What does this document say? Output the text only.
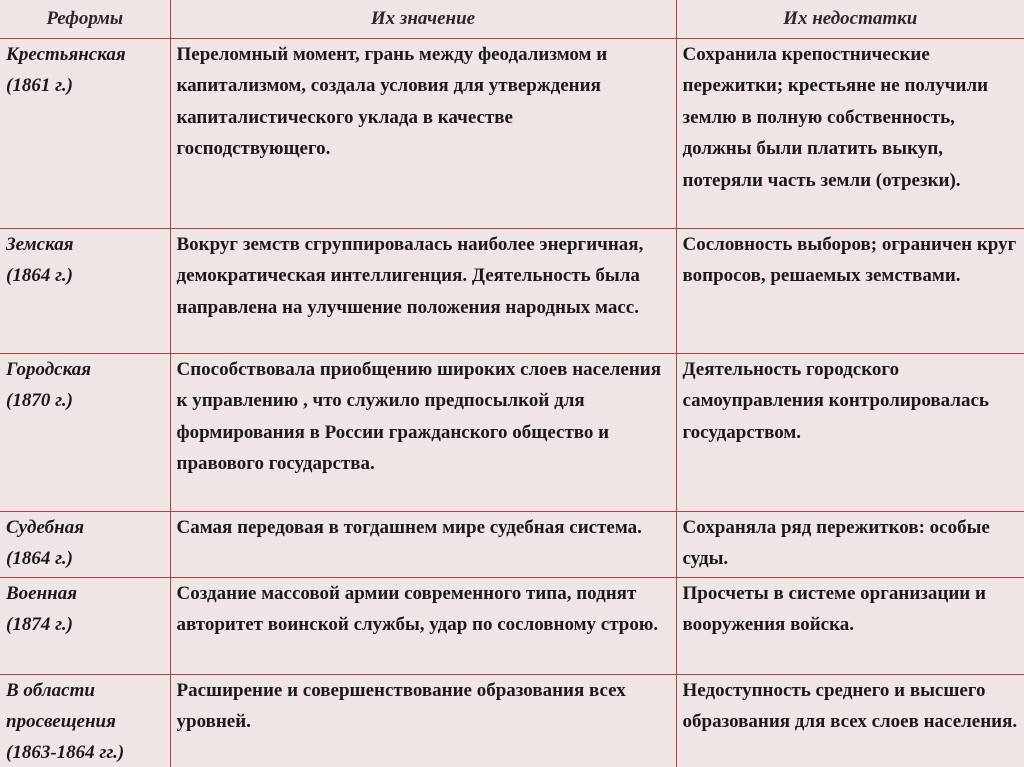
Реформы	Их значение	Их недостатки
Крестьянская
(1861 г.)	Переломный момент, грань между феодализмом и капитализмом, создала условия для утверждения капиталистического уклада в качестве господствующего.	Сохранила крепостнические пережитки; крестьяне не получили землю в полную собственность, должны были платить выкуп, потеряли часть земли (отрезки).
Земская
(1864 г.)	Вокруг земств сгруппировалась наиболее энергичная, демократическая интеллигенция. Деятельность была направлена на улучшение положения народных масс.	Сословность выборов; ограничен круг вопросов, решаемых земствами.
Городская
(1870 г.)	Способствовала приобщению широких слоев населения к управлению , что служило предпосылкой для формирования в России гражданского общество и правового государства.	Деятельность городского самоуправления контролировалась государством.
Судебная
(1864 г.)	Самая передовая в тогдашнем мире судебная система.	Сохраняла ряд пережитков: особые суды.
Военная
(1874 г.)	Создание массовой армии современного типа, поднят авторитет воинской службы, удар по сословному строю.	Просчеты в системе организации и вооружения войска.
В области
просвещения
(1863-1864 гг.)	Расширение и совершенствование образования всех уровней.	Недоступность среднего и высшего образования для всех слоев населения.
